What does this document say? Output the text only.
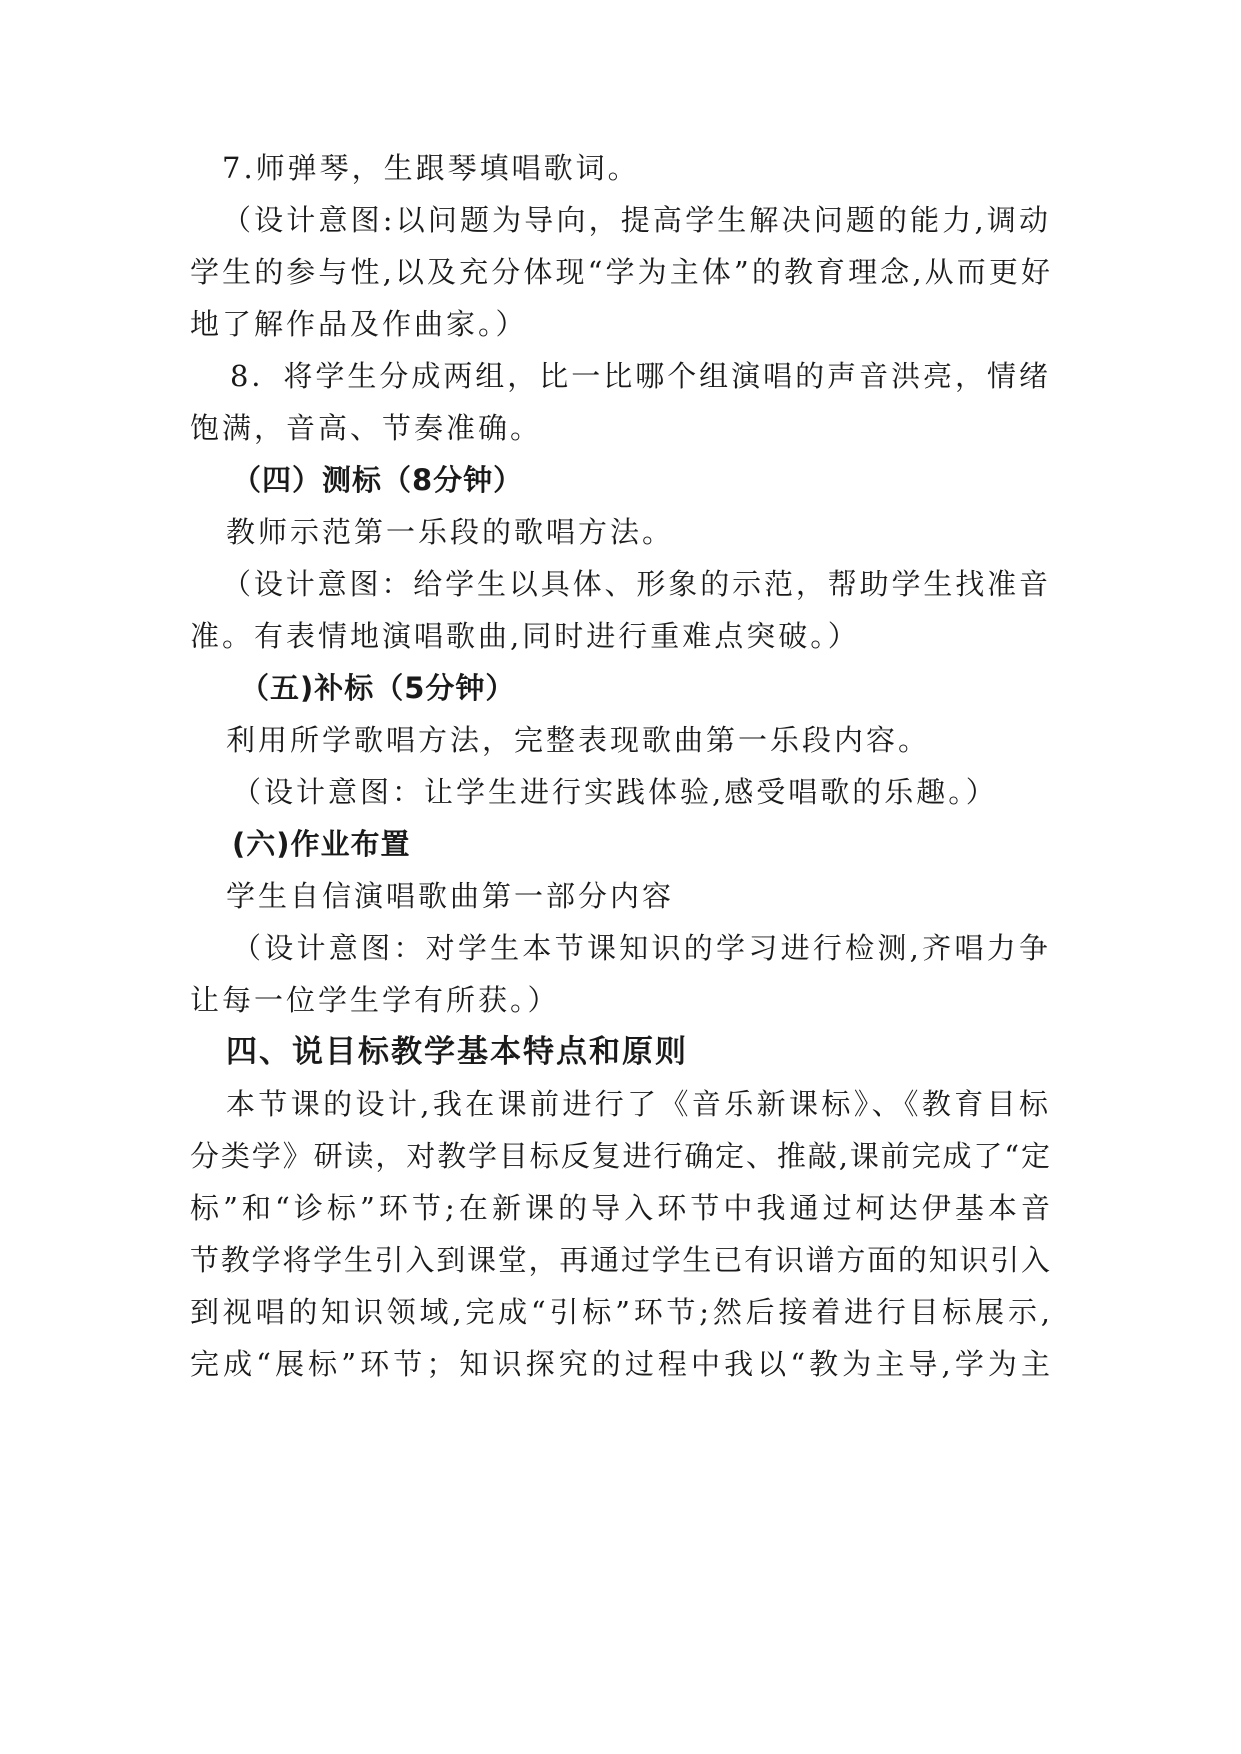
7.师弹琴，生跟琴填唱歌词。
（设计意图:以问题为导向，提高学生解决问题的能力,调动
学生的参与性,以及充分体现“学为主体”的教育理念,从而更好
地了解作品及作曲家。）
8．将学生分成两组，比一比哪个组演唱的声音洪亮，情绪
饱满，音高、节奏准确。
（四）测标（8分钟）
教师示范第一乐段的歌唱方法。
（设计意图：给学生以具体、形象的示范，帮助学生找准音
准。有表情地演唱歌曲,同时进行重难点突破。）
（五)补标（5分钟）
利用所学歌唱方法，完整表现歌曲第一乐段内容。
（设计意图：让学生进行实践体验,感受唱歌的乐趣。）
(六)作业布置
学生自信演唱歌曲第一部分内容
（设计意图：对学生本节课知识的学习进行检测,齐唱力争
让每一位学生学有所获。）
四、说目标教学基本特点和原则
本节课的设计,我在课前进行了《音乐新课标》、《教育目标
分类学》研读，对教学目标反复进行确定、推敲,课前完成了“定
标”和“诊标”环节;在新课的导入环节中我通过柯达伊基本音
节教学将学生引入到课堂，再通过学生已有识谱方面的知识引入
到视唱的知识领域,完成“引标”环节;然后接着进行目标展示,
完成“展标”环节；知识探究的过程中我以“教为主导,学为主
